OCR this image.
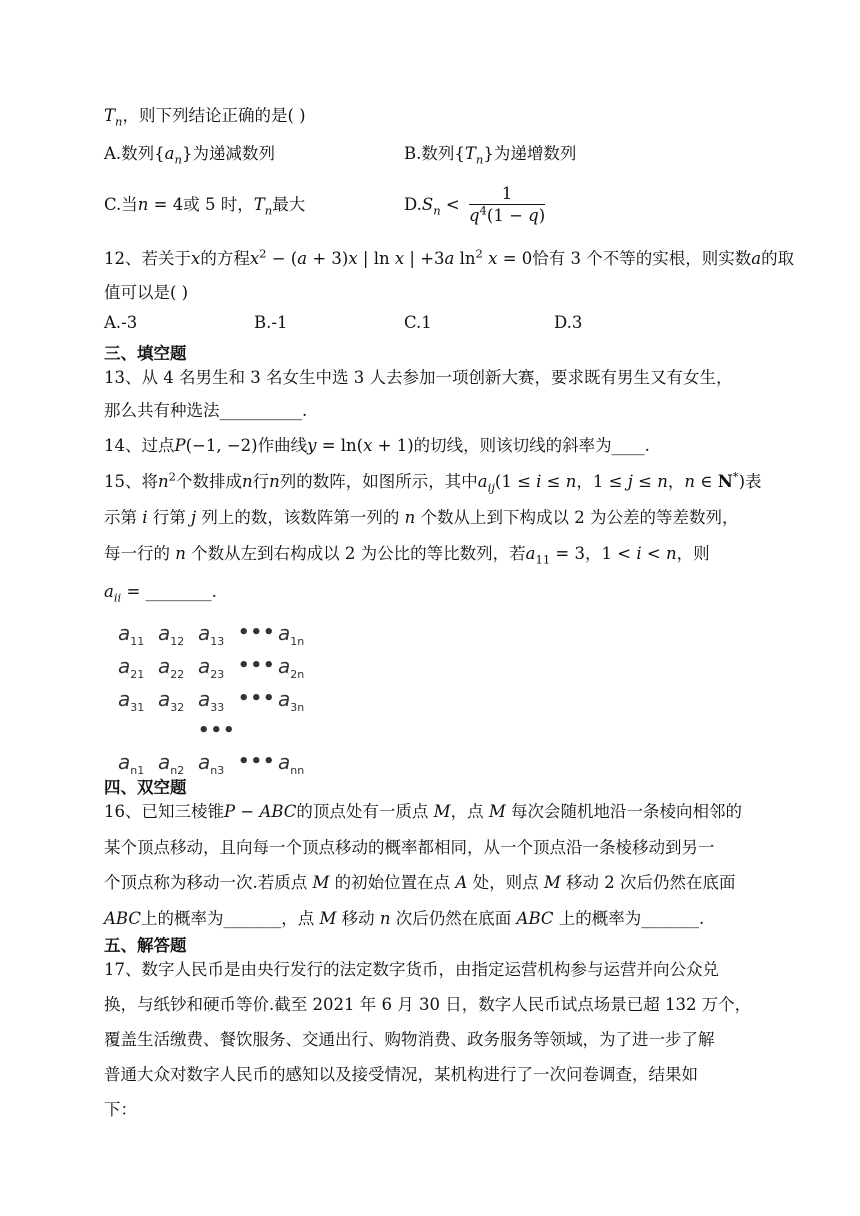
$T_n$，则下列结论正确的是( )
A.数列$\{a_n\}$为递减数列	B.数列$\{T_n\}$为递增数列
C.当n = 4或 5 时，$T_n$最大	$D.S_n < \frac{1}{q^4(1 - q)}$
12、若关于x的方程$x^2 - (a + 3)x$ | ln x | +3a $\ln^2 x = 0$恰有 3 个不等的实根，则实数a的取
值可以是( )
A.-3	B.-1	C.1	D.3
三、填空题
13、从 4 名男生和 3 名女生中选 3 人去参加一项创新大赛，要求既有男生又有女生，
那么共有种选法__________.
14、过点P(−1, −2)作曲线y = ln(x + 1)的切线，则该切线的斜率为____.
15、将$n^2$个数排成n行n列的数阵，如图所示，其中$a_{ij}(1 \le i \le n$，1 ≤ j ≤ n，n ∈ N*)表
示第 i 行第 j 列上的数，该数阵第一列的 n 个数从上到下构成以 2 为公差的等差数列，
每一行的 n 个数从左到右构成以 2 为公比的等比数列，若$a_{11} = 3$，1 < i < n，则
$a_{ii}$ = ________.
$a_{11}$ $a_{12}$ $a_{13}$ ••• $a_{1n}$
$a_{21}$ $a_{22}$ $a_{23}$ ••• $a_{2n}$
$a_{31}$ $a_{32}$ $a_{33}$ ••• $a_{3n}$
•••
$a_{n1}$ $a_{n2}$ $a_{n3}$ ••• $a_{nn}$
四、双空题
16、已知三棱锥P − ABC的顶点处有一质点 M，点 M 每次会随机地沿一条棱向相邻的
某个顶点移动，且向每一个顶点移动的概率都相同，从一个顶点沿一条棱移动到另一
个顶点称为移动一次.若质点 M 的初始位置在点 A 处，则点 M 移动 2 次后仍然在底面
ABC上的概率为_______，点 M 移动 n 次后仍然在底面 ABC 上的概率为_______.
五、解答题
17、数字人民币是由央行发行的法定数字货币，由指定运营机构参与运营并向公众兑
换，与纸钞和硬币等价.截至 2021 年 6 月 30 日，数字人民币试点场景已超 132 万个，
覆盖生活缴费、餐饮服务、交通出行、购物消费、政务服务等领域，为了进一步了解
普通大众对数字人民币的感知以及接受情况，某机构进行了一次问卷调查，结果如
下：
